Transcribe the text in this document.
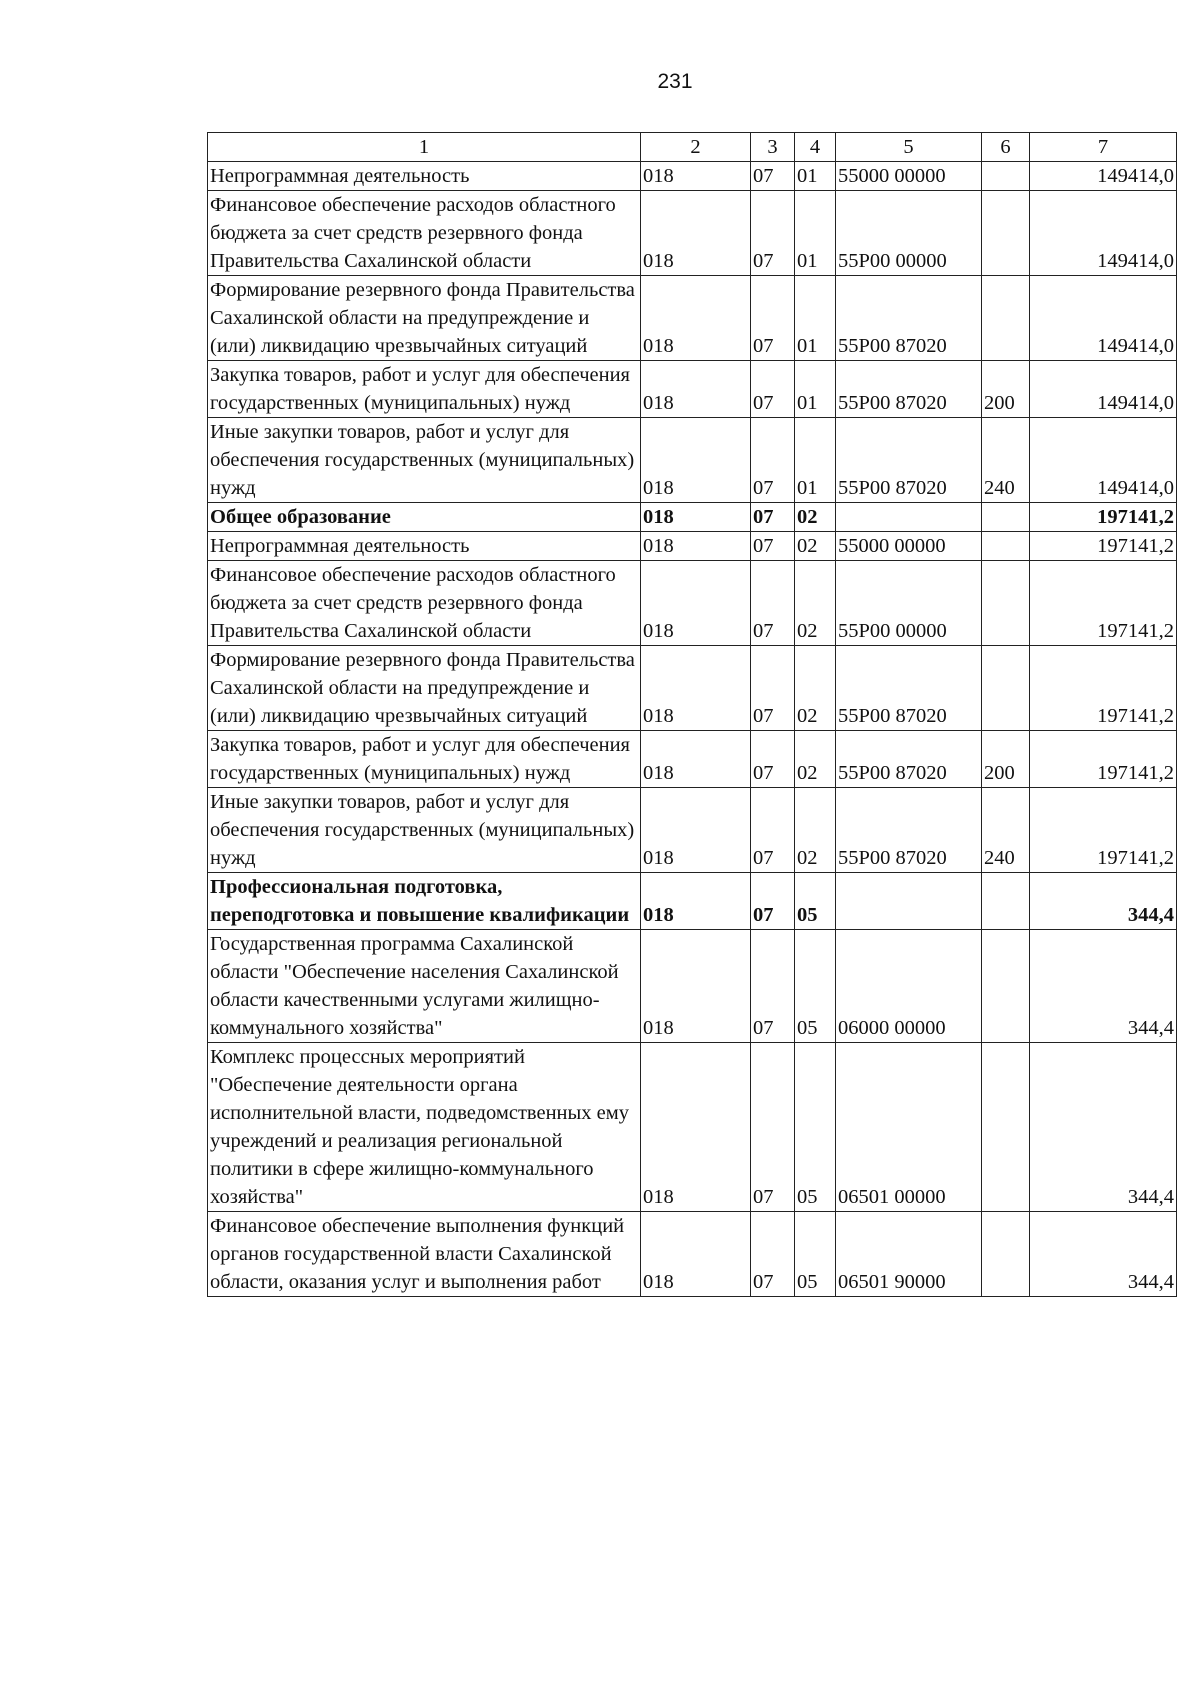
231
1	2	3	4	5	6	7
Непрограммная деятельность	018	07	01	55000 00000		149414,0
Финансовое обеспечение расходов областного бюджета за счет средств резервного фонда Правительства Сахалинской области	018	07	01	55Р00 00000		149414,0
Формирование резервного фонда Правительства Сахалинской области на предупреждение и (или) ликвидацию чрезвычайных ситуаций	018	07	01	55Р00 87020		149414,0
Закупка товаров, работ и услуг для обеспечения государственных (муниципальных) нужд	018	07	01	55Р00 87020	200	149414,0
Иные закупки товаров, работ и услуг для обеспечения государственных (муниципальных) нужд	018	07	01	55Р00 87020	240	149414,0
Общее образование	018	07	02			197141,2
Непрограммная деятельность	018	07	02	55000 00000		197141,2
Финансовое обеспечение расходов областного бюджета за счет средств резервного фонда Правительства Сахалинской области	018	07	02	55Р00 00000		197141,2
Формирование резервного фонда Правительства Сахалинской области на предупреждение и (или) ликвидацию чрезвычайных ситуаций	018	07	02	55Р00 87020		197141,2
Закупка товаров, работ и услуг для обеспечения государственных (муниципальных) нужд	018	07	02	55Р00 87020	200	197141,2
Иные закупки товаров, работ и услуг для обеспечения государственных (муниципальных) нужд	018	07	02	55Р00 87020	240	197141,2
Профессиональная подготовка, переподготовка и повышение квалификации	018	07	05			344,4
Государственная программа Сахалинской области "Обеспечение населения Сахалинской области качественными услугами жилищно-коммунального хозяйства"	018	07	05	06000 00000		344,4
Комплекс процессных мероприятий "Обеспечение деятельности органа исполнительной власти, подведомственных ему учреждений и реализация региональной политики в сфере жилищно-коммунального хозяйства"	018	07	05	06501 00000		344,4
Финансовое обеспечение выполнения функций органов государственной власти Сахалинской области, оказания услуг и выполнения работ	018	07	05	06501 90000		344,4
